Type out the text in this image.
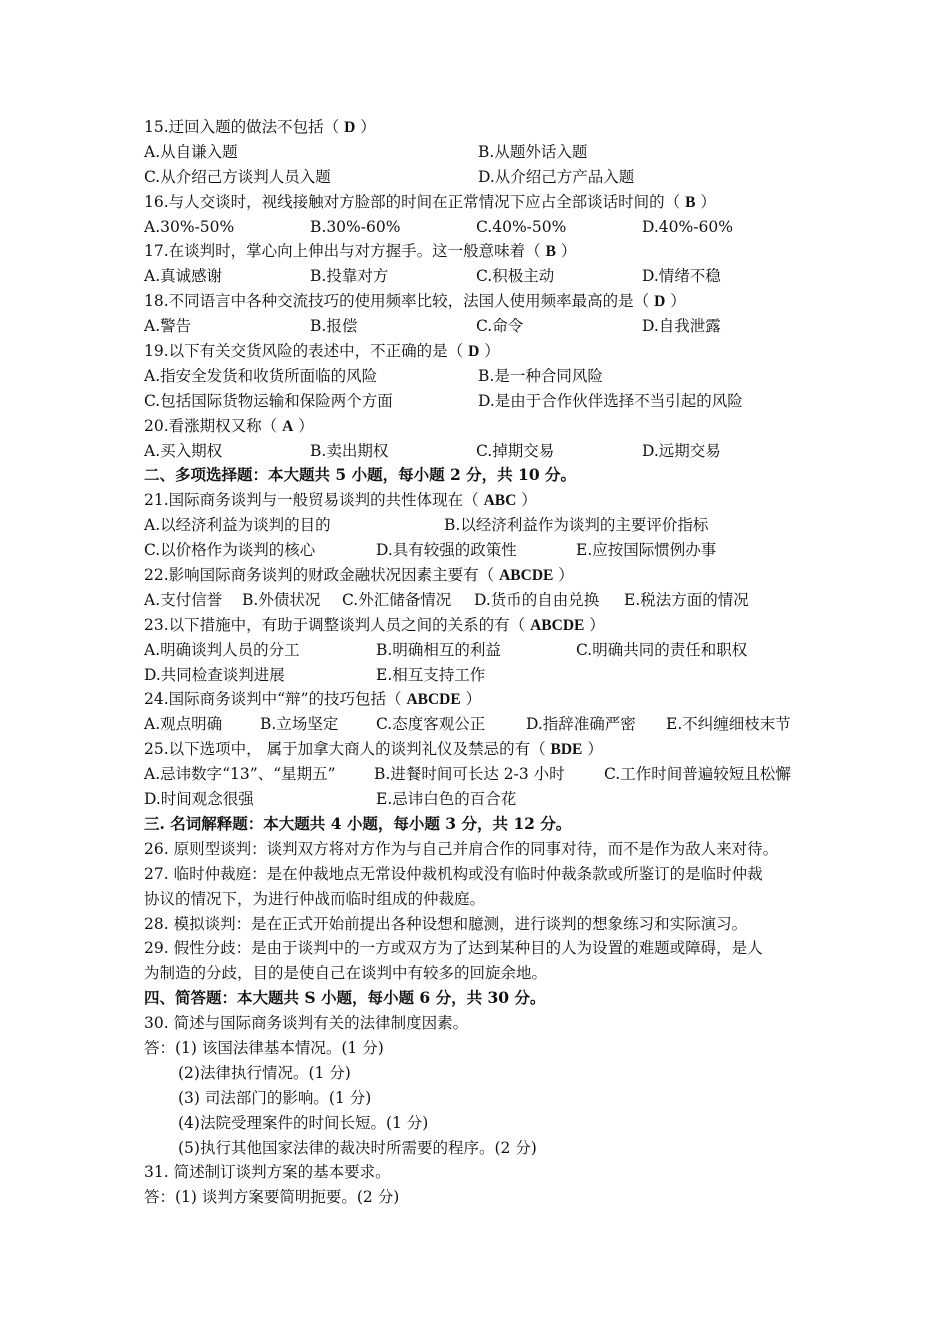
15.迂回入题的做法不包括（ D ）
A.从自谦入题	B.从题外话入题
C.从介绍己方谈判人员入题	D.从介绍己方产品入题
16.与人交谈时，视线接触对方脸部的时间在正常情况下应占全部谈话时间的（ B ）
A.30%-50%	B.30%-60%	C.40%-50%	D.40%-60%
17.在谈判时，掌心向上伸出与对方握手。这一般意味着（ B ）
A.真诚感谢	B.投靠对方	C.积极主动	D.情绪不稳
18.不同语言中各种交流技巧的使用频率比较，法国人使用频率最高的是（ D ）
A.警告	B.报偿	C.命令	D.自我泄露
19.以下有关交货风险的表述中，不正确的是（ D ）
A.指安全发货和收货所面临的风险	B.是一种合同风险
C.包括国际货物运输和保险两个方面	D.是由于合作伙伴选择不当引起的风险
20.看涨期权又称（ A ）
A.买入期权	B.卖出期权	C.掉期交易	D.远期交易
二、多项选择题：本大题共 5 小题，每小题 2 分，共 10 分。
21.国际商务谈判与一般贸易谈判的共性体现在（ ABC ）
A.以经济利益为谈判的目的	B.以经济利益作为谈判的主要评价指标
C.以价格作为谈判的核心	D.具有较强的政策性	E.应按国际惯例办事
22.影响国际商务谈判的财政金融状况因素主要有（ ABCDE ）
A.支付信誉 B.外债状况 C.外汇储备情况 D.货币的自由兑换 E.税法方面的情况
23.以下措施中，有助于调整谈判人员之间的关系的有（ ABCDE ）
A.明确谈判人员的分工	B.明确相互的利益	C.明确共同的责任和职权
D.共同检查谈判进展	E.相互支持工作
24.国际商务谈判中“辩”的技巧包括（ ABCDE ）
A.观点明确 B.立场坚定 C.态度客观公正	D.指辞准确严密 E.不纠缠细枝末节
25.以下选项中， 属于加拿大商人的谈判礼仪及禁忌的有（ BDE ）
A.忌讳数字“13”、“星期五” B.进餐时间可长达 2-3 小时	C.工作时间普遍较短且松懈
D.时间观念很强	E.忌讳白色的百合花
三. 名词解释题：本大题共 4 小题，每小题 3 分，共 12 分。
26. 原则型谈判：谈判双方将对方作为与自己并肩合作的同事对待，而不是作为敌人来对待。
27. 临时仲裁庭：是在仲裁地点无常设仲裁机构或没有临时仲裁条款或所鉴订的是临时仲裁
协议的情况下，为进行仲战而临时组成的仲裁庭。
28. 模拟谈判：是在正式开始前提出各种设想和臆测，进行谈判的想象练习和实际演习。
29. 假性分歧：是由于谈判中的一方或双方为了达到某种目的人为设置的难题或障碍，是人
为制造的分歧，目的是使自己在谈判中有较多的回旋余地。
四、简答题：本大题共 S 小题，每小题 6 分，共 30 分。
30. 简述与国际商务谈判有关的法律制度因素。
答：(1) 该国法律基本情况。(1 分)
(2)法律执行情况。(1 分)
(3) 司法部门的影响。(1 分)
(4)法院受理案件的时间长短。(1 分)
(5)执行其他国家法律的裁决时所需要的程序。(2 分)
31. 简述制订谈判方案的基本要求。
答：(1) 谈判方案要简明扼要。(2 分)
